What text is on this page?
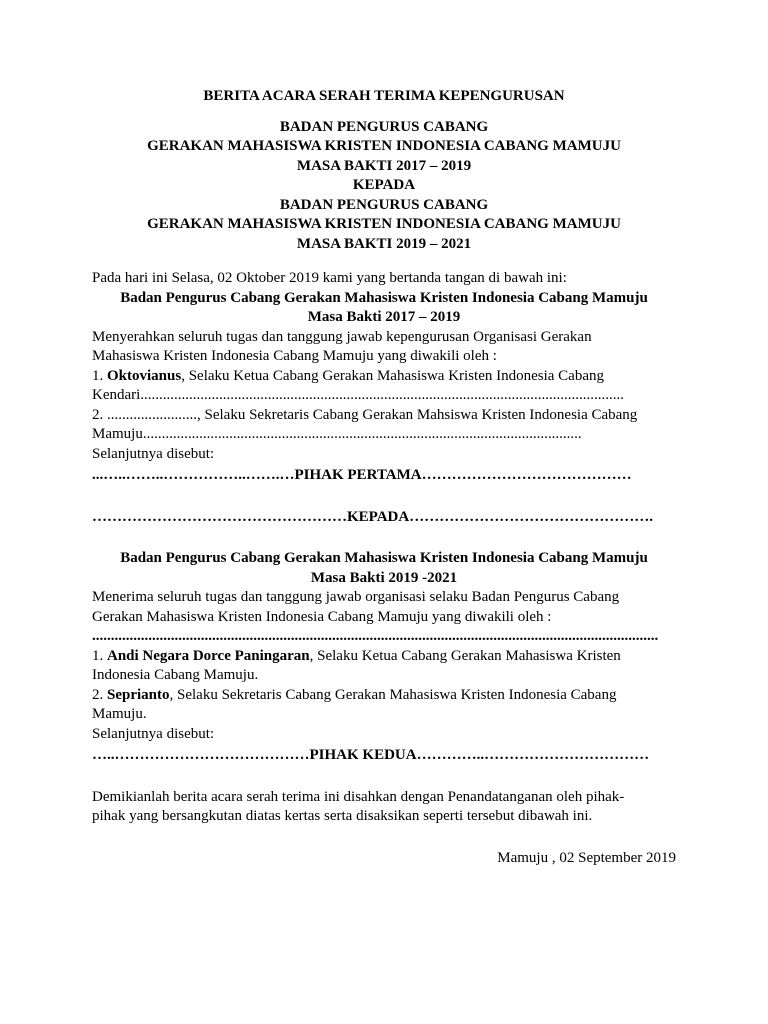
BERITA ACARA SERAH TERIMA KEPENGURUSAN
BADAN PENGURUS CABANG
GERAKAN MAHASISWA KRISTEN INDONESIA CABANG MAMUJU
MASA BAKTI 2017 – 2019
KEPADA
BADAN PENGURUS CABANG
GERAKAN MAHASISWA KRISTEN INDONESIA CABANG MAMUJU
MASA BAKTI 2019 – 2021

Pada hari ini Selasa, 02 Oktober 2019 kami yang bertanda tangan di bawah ini:

Badan Pengurus Cabang Gerakan Mahasiswa Kristen Indonesia Cabang Mamuju
Masa Bakti 2017 – 2019
Menyerahkan seluruh tugas dan tanggung jawab kepengurusan Organisasi Gerakan
Mahasiswa Kristen Indonesia Cabang Mamuju yang diwakili oleh :
1. Oktovianus, Selaku Ketua Cabang Gerakan Mahasiswa Kristen Indonesia Cabang
Kendari.................................................................................................................................
2. ........................, Selaku Sekretaris Cabang Gerakan Mahsiswa Kristen Indonesia Cabang
Mamuju.....................................................................................................................
Selanjutnya disebut:
...…..……..……………..…….…PIHAK PERTAMA……………………………………
……………………………………………KEPADA………………………………………….
Badan Pengurus Cabang Gerakan Mahasiswa Kristen Indonesia Cabang Mamuju
Masa Bakti 2019 -2021
Menerima seluruh tugas dan tanggung jawab organisasi selaku Badan Pengurus Cabang
Gerakan Mahasiswa Kristen Indonesia Cabang Mamuju yang diwakili oleh :
.......................................................................................................................................................
1. Andi Negara Dorce Paningaran, Selaku Ketua Cabang Gerakan Mahasiswa Kristen
Indonesia Cabang Mamuju.
2. Seprianto, Selaku Sekretaris Cabang Gerakan Mahasiswa Kristen Indonesia Cabang
Mamuju.
Selanjutnya disebut:
…..…………………………………PIHAK KEDUA…………..……………………………
Demikianlah berita acara serah terima ini disahkan dengan Penandatanganan oleh pihak-
pihak yang bersangkutan diatas kertas serta disaksikan seperti tersebut dibawah ini.
Mamuju , 02 September 2019
